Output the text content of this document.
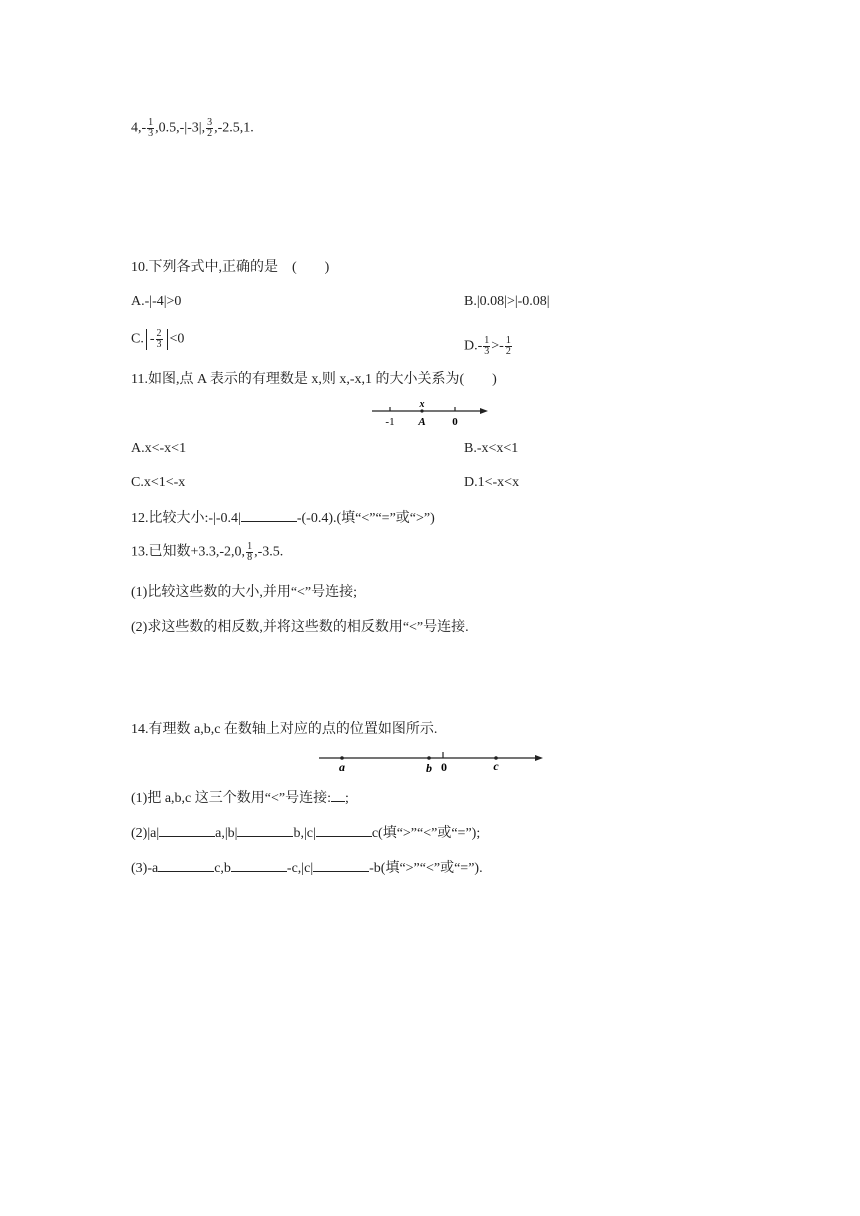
$4,- \frac{1}{3} ,0.5,-|-3|$, $\frac{3}{2} ,-2.5,1$.
10.下列各式中,正确的是　(　　)
A.-|-4|>0	B.|0.08|>|-0.08|
C. - $\frac{2}{3} <0$	$D.- \frac{1}{3} >- \frac{1}{2}$
11.如图,点 A 表示的有理数是 x,则 x,-x,1 的大小关系为(　　)
x
-1 A 0
A.x<-x<1	B.-x<x<1
C.x<1<-x	D.1<-x<x
12.比较大小:-|-0.4|	-(-0.4).(填“<”“=”或“>”)
13.已知数+3.3,-2,0, $\frac{1}{8} ,-3.5$.
(1)比较这些数的大小,并用“<”号连接;
(2)求这些数的相反数,并将这些数的相反数用“<”号连接.
14.有理数 a,b,c 在数轴上对应的点的位置如图所示.
a	b 0	c
(1)把 a,b,c 这三个数用“<”号连接: ;
(2)|a|	a,|b|	b,|c|	c(填“>”“<”或“=”);
(3)-a	c,b	-c,|c|	-b(填“>”“<”或“=”).
